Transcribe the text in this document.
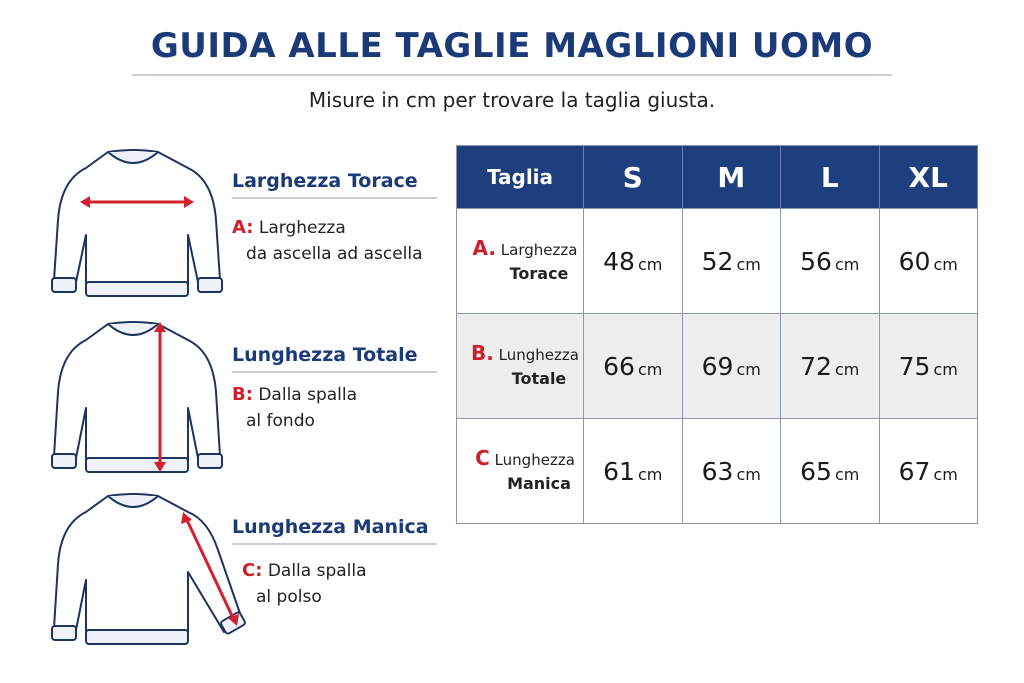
GUIDA ALLE TAGLIE MAGLIONI UOMO
Misure in cm per trovare la taglia giusta.
Larghezza Torace
A: Larghezza
da ascella ad ascella
Lunghezza Totale
B: Dalla spalla
al fondo
Lunghezza Manica
C: Dalla spalla
al polso
Taglia	S	M	L	XL

A. Larghezza
Torace	48 cm	52 cm	56 cm	60 cm

B. Lunghezza
Totale	66 cm	69 cm	72 cm	75 cm

C Lunghezza
Manica	61 cm	63 cm	65 cm	67 cm
